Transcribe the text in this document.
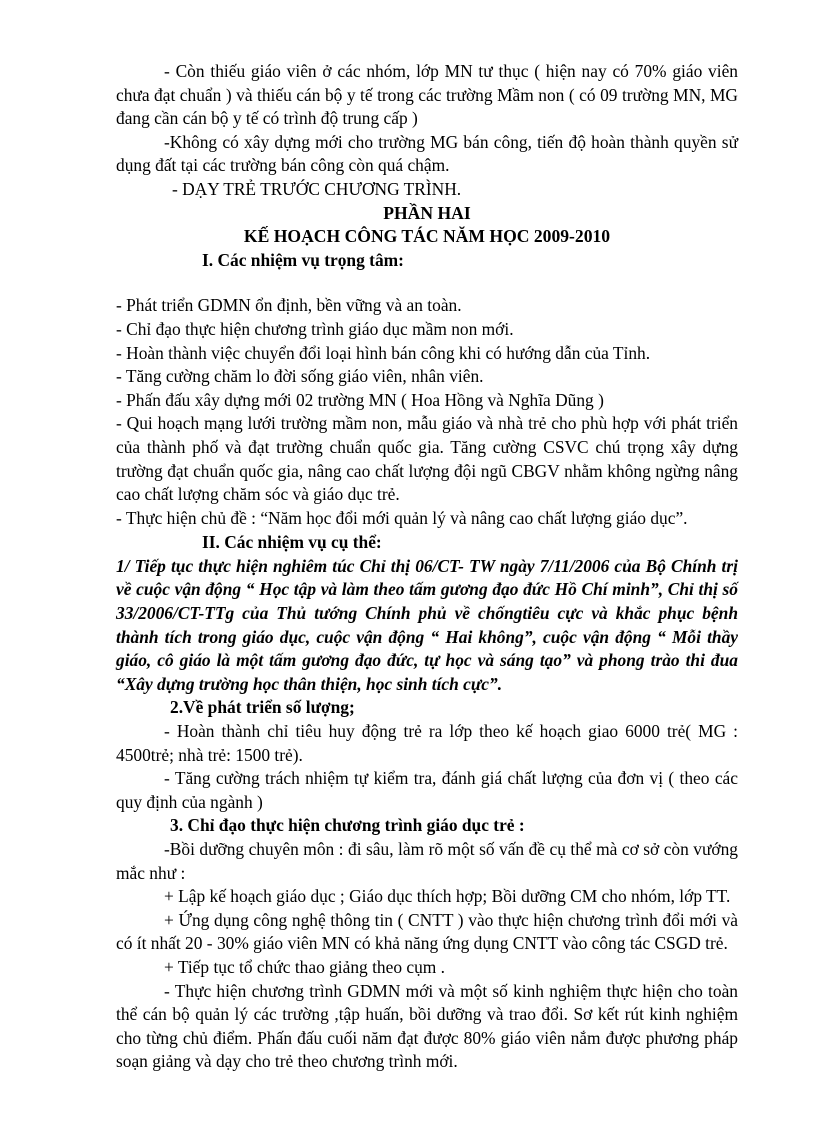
- Còn thiếu giáo viên ở các nhóm, lớp MN tư thục ( hiện nay có 70% giáo viên chưa đạt chuẩn ) và thiếu cán bộ y tế trong các trường Mầm non ( có 09 trường MN, MG đang cần cán bộ y tế có trình độ trung cấp )

-Không có xây dựng mới cho trường MG bán công, tiến độ hoàn thành quyền sử dụng đất tại các trường bán công còn quá chậm.

- DẠY TRẺ TRƯỚC CHƯƠNG TRÌNH.

PHẦN HAI

KẾ HOẠCH CÔNG TÁC NĂM HỌC 2009-2010

I. Các nhiệm vụ trọng tâm:

- Phát triển GDMN ổn định, bền vững và an toàn.

- Chỉ đạo thực hiện chương trình giáo dục mầm non mới.

- Hoàn thành việc chuyển đổi loại hình bán công khi có hướng dẫn của Tỉnh.

- Tăng cường chăm lo đời sống giáo viên, nhân viên.

- Phấn đấu xây dựng mới 02 trường MN ( Hoa Hồng và Nghĩa Dũng )

- Qui hoạch mạng lưới trường mầm non, mẫu giáo và nhà trẻ cho phù hợp với phát triển của thành phố và đạt trường chuẩn quốc gia. Tăng cường CSVC chú trọng xây dựng trường đạt chuẩn quốc gia, nâng cao chất lượng đội ngũ CBGV nhằm không ngừng nâng cao chất lượng chăm sóc và giáo dục trẻ.

- Thực hiện chủ đề : “Năm học đổi mới quản lý và nâng cao chất lượng giáo dục”.

II. Các nhiệm vụ cụ thể:

1/ Tiếp tục thực hiện nghiêm túc Chỉ thị 06/CT- TW ngày 7/11/2006 của Bộ Chính trị về cuộc vận động “ Học tập và làm theo tấm gương đạo đức Hồ Chí minh”, Chỉ thị số 33/2006/CT-TTg của Thủ tướng Chính phủ về chốngtiêu cực và khắc phục bệnh thành tích trong giáo dục, cuộc vận động “ Hai không”, cuộc vận động “ Mỗi thầy giáo, cô giáo là một tấm gương đạo đức, tự học và sáng tạo” và phong trào thi đua “Xây dựng trường học thân thiện, học sinh tích cực”.

2.Về phát triển số lượng;

- Hoàn thành chỉ tiêu huy động trẻ ra lớp theo kế hoạch giao 6000 trẻ( MG : 4500trẻ; nhà trẻ: 1500 trẻ).

- Tăng cường trách nhiệm tự kiểm tra, đánh giá chất lượng của đơn vị ( theo các quy định của ngành )

3. Chỉ đạo thực hiện chương trình giáo dục trẻ :

-Bồi dưỡng chuyên môn : đi sâu, làm rõ một số vấn đề cụ thể mà cơ sở còn vướng mắc như :

+ Lập kế hoạch giáo dục ; Giáo dục thích hợp; Bồi dưỡng CM cho nhóm, lớp TT.

+ Ứng dụng công nghệ thông tin ( CNTT ) vào thực hiện chương trình đổi mới và có ít nhất 20 - 30% giáo viên MN có khả năng ứng dụng CNTT vào công tác CSGD trẻ.

+ Tiếp tục tổ chức thao giảng theo cụm .

- Thực hiện chương trình GDMN mới và một số kinh nghiệm thực hiện cho toàn thể cán bộ quản lý các trường ,tập huấn, bồi dưỡng và trao đổi. Sơ kết rút kinh nghiệm cho từng chủ điểm. Phấn đấu cuối năm đạt được 80% giáo viên nắm được phương pháp soạn giảng và dạy cho trẻ theo chương trình mới.
